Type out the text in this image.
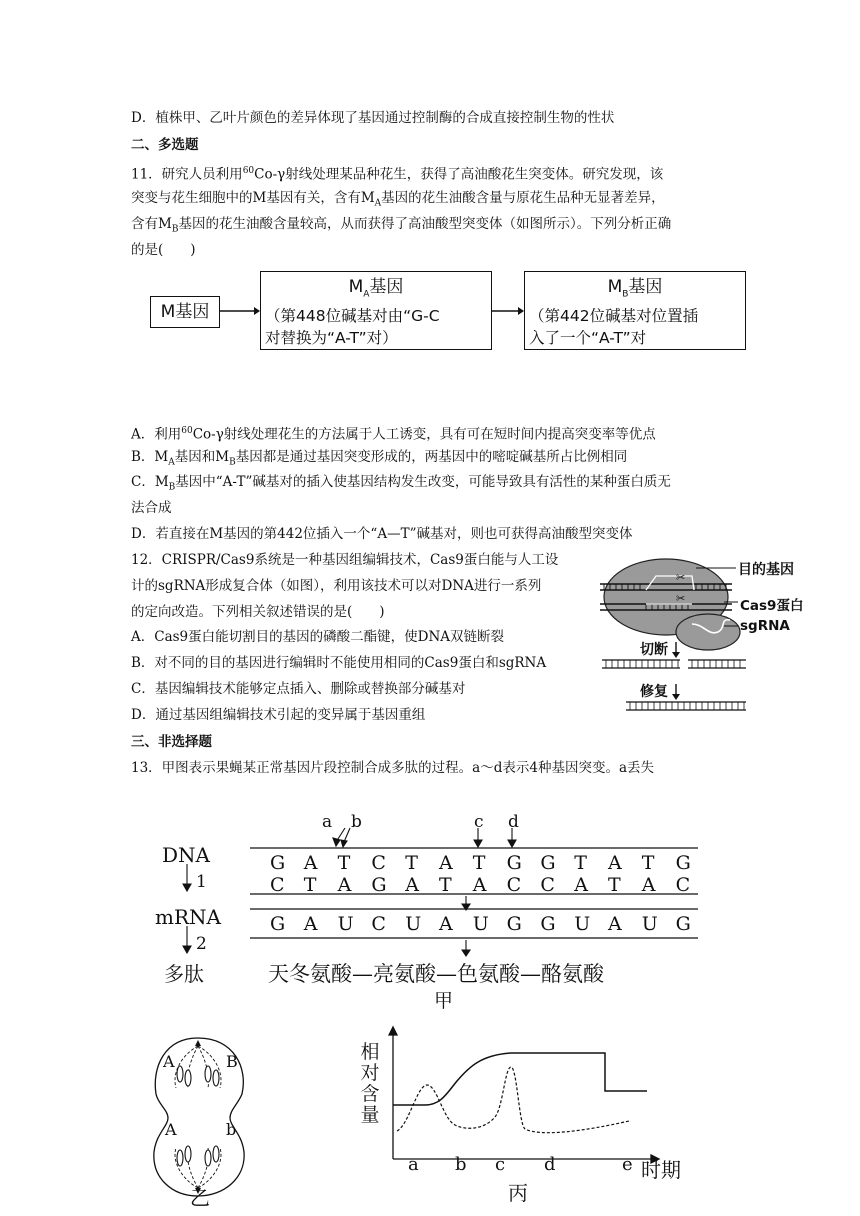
D．植株甲、乙叶片颜色的差异体现了基因通过控制酶的合成直接控制生物的性状
二、多选题
11．研究人员利用$^{60}$Co-γ射线处理某品种花生，获得了高油酸花生突变体。研究发现，该
突变与花生细胞中的M基因有关，含有$M_A$基因的花生油酸含量与原花生品种无显著差异，
含有$M_B$基因的花生油酸含量较高，从而获得了高油酸型突变体（如图所示）。下列分析正确
的是(　　)
M基因
$M_A$基因
（第448位碱基对由“G-C
对替换为“A-T”对）
$M_B$基因
（第442位碱基对位置插
入了一个“A-T”对
A．利用$^{60}$Co-γ射线处理花生的方法属于人工诱变，具有可在短时间内提高突变率等优点
B．$M_A$基因和$M_B$基因都是通过基因突变形成的，两基因中的嘧啶碱基所占比例相同
C．$M_B$基因中“A-T”碱基对的插入使基因结构发生改变，可能导致具有活性的某种蛋白质无
法合成
D．若直接在M基因的第442位插入一个“A—T”碱基对，则也可获得高油酸型突变体
12．CRISPR/Cas9系统是一种基因组编辑技术，Cas9蛋白能与人工设
计的sgRNA形成复合体（如图），利用该技术可以对DNA进行一系列
的定向改造。下列相关叙述错误的是(　　)
A．Cas9蛋白能切割目的基因的磷酸二酯键，使DNA双链断裂
B．对不同的目的基因进行编辑时不能使用相同的Cas9蛋白和sgRNA
C．基因编辑技术能够定点插入、删除或替换部分碱基对
D．通过基因组编辑技术引起的变异属于基因重组
✂
✂
目的基因
Cas9蛋白
sgRNA
切断
修复
三、非选择题
13．甲图表示果蝇某正常基因片段控制合成多肽的过程。a～d表示4种基因突变。a丢失
DNA
1
mRNA
2
多肽
a b	c d
G A T C T A T G G T A T G
C T A G A T A C C A T A C
G A U C U A U G G U A U G
天冬氨酸—亮氨酸—色氨酸—酪氨酸
甲
A	B
A	b
乙
相对含量
时期
a b c d	e
丙
